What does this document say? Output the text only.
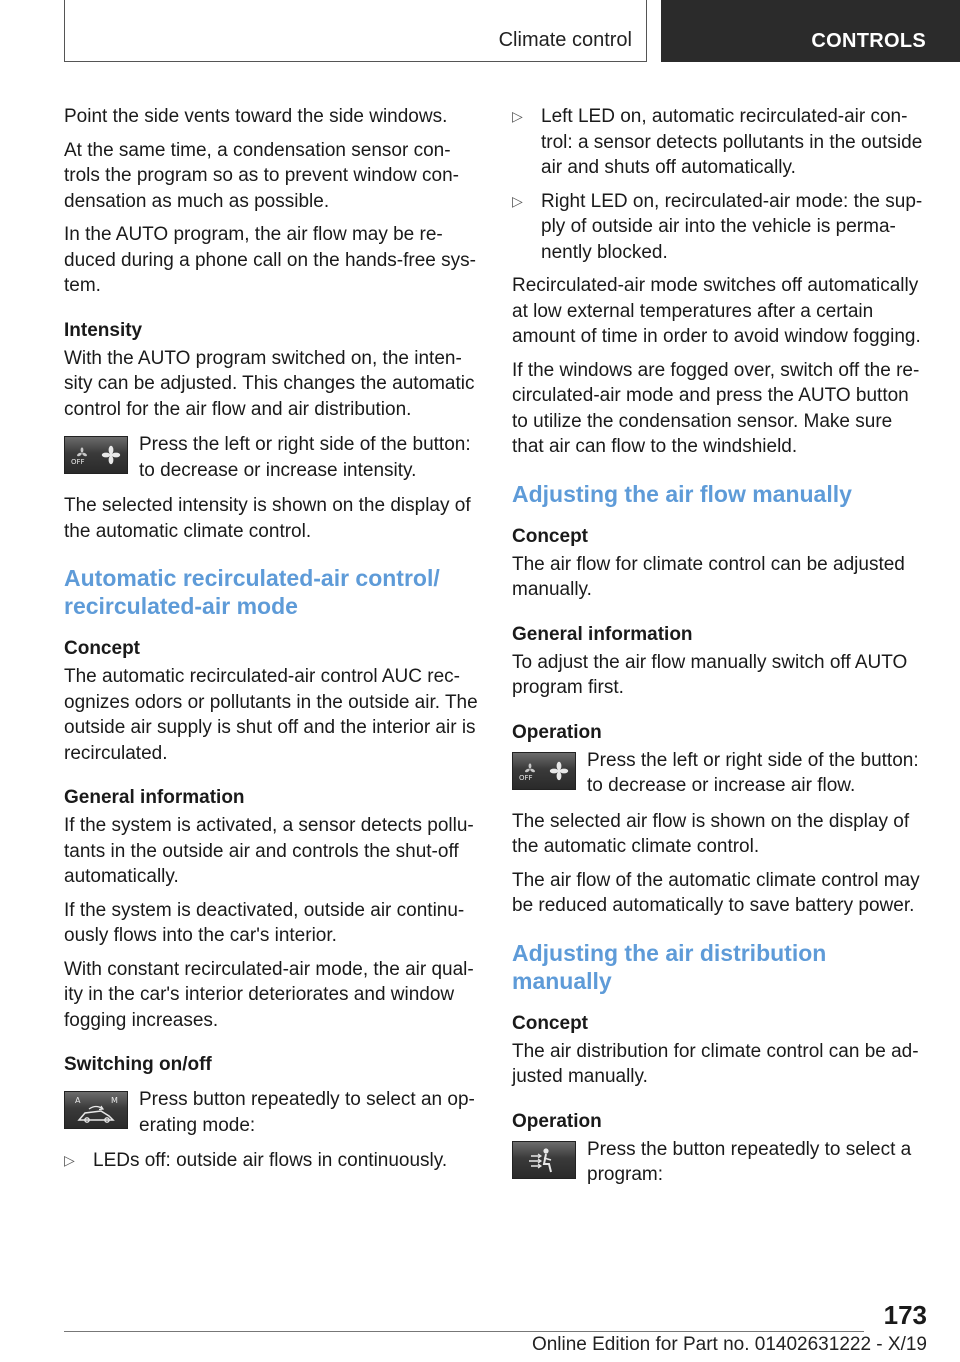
Climate control	CONTROLS

Point the side vents toward the side windows.

At the same time, a condensation sensor con‐ trols the program so as to prevent window con‐ densation as much as possible.

In the AUTO program, the air flow may be re‐ duced during a phone call on the hands-free sys‐ tem.

Intensity

With the AUTO program switched on, the inten‐ sity can be adjusted. This changes the automatic control for the air flow and air distribution.

OFF

Press the left or right side of the button: to decrease or increase intensity.

The selected intensity is shown on the display of the automatic climate control.

Automatic recirculated-air control/ recirculated-air mode
Concept

The automatic recirculated-air control AUC rec‐ ognizes odors or pollutants in the outside air. The outside air supply is shut off and the interior air is recirculated.

General information

If the system is activated, a sensor detects pollu‐ tants in the outside air and controls the shut-off automatically.

If the system is deactivated, outside air continu‐ ously flows into the car's interior.

With constant recirculated-air mode, the air qual‐ ity in the car's interior deteriorates and window fogging increases.

Switching on/off
A	M Press button repeatedly to select an op‐ erating mode:

▷ LEDs off: outside air flows in continuously.
▷ Left LED on, automatic recirculated-air con‐ trol: a sensor detects pollutants in the outside air and shuts off automatically.
▷ Right LED on, recirculated-air mode: the sup‐ ply of outside air into the vehicle is perma‐ nently blocked.

Recirculated-air mode switches off automatically at low external temperatures after a certain amount of time in order to avoid window fogging.

If the windows are fogged over, switch off the re‐ circulated-air mode and press the AUTO button to utilize the condensation sensor. Make sure that air can flow to the windshield.

Adjusting the air flow manually
Concept

The air flow for climate control can be adjusted manually.

General information

To adjust the air flow manually switch off AUTO program first.

Operation
OFF

Press the left or right side of the button: to decrease or increase air flow.

The selected air flow is shown on the display of the automatic climate control.

The air flow of the automatic climate control may be reduced automatically to save battery power.

Adjusting the air distribution manually
Concept

The air distribution for climate control can be ad‐ justed manually.

Operation

Press the button repeatedly to select a program:

173
Online Edition for Part no. 01402631222 - X/19
